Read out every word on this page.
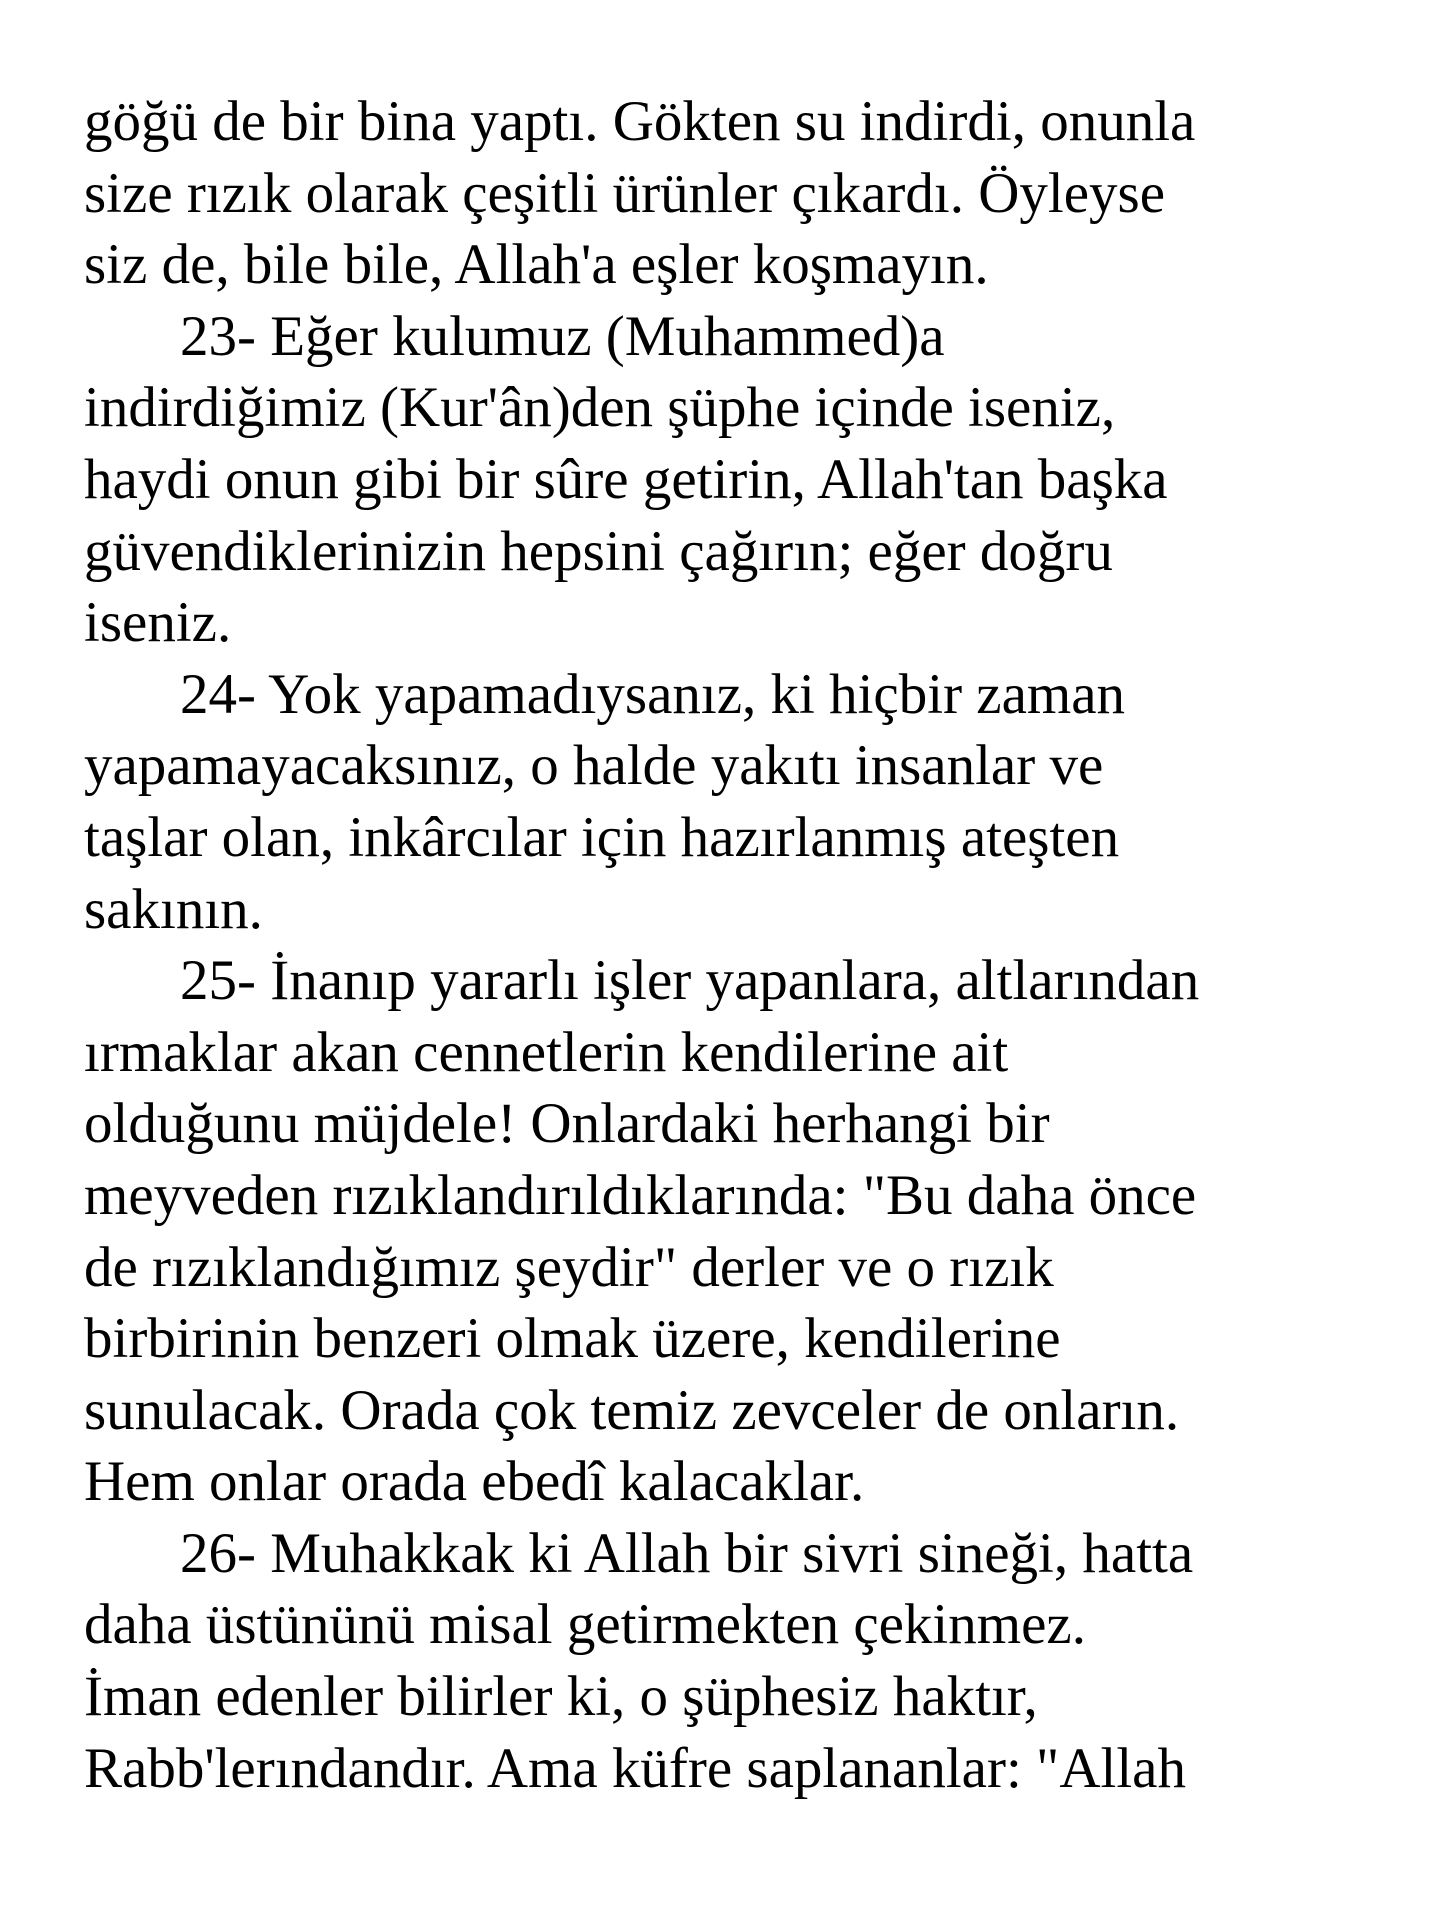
göğü de bir bina yaptı. Gökten su indirdi, onunla
size rızık olarak çeşitli ürünler çıkardı. Öyleyse
siz de, bile bile, Allah'a eşler koşmayın.
23- Eğer kulumuz (Muhammed)a
indirdiğimiz (Kur'ân)den şüphe içinde iseniz,
haydi onun gibi bir sûre getirin, Allah'tan başka
güvendiklerinizin hepsini çağırın; eğer doğru
iseniz.
24- Yok yapamadıysanız, ki hiçbir zaman
yapamayacaksınız, o halde yakıtı insanlar ve
taşlar olan, inkârcılar için hazırlanmış ateşten
sakının.
25- İnanıp yararlı işler yapanlara, altlarından
ırmaklar akan cennetlerin kendilerine ait
olduğunu müjdele! Onlardaki herhangi bir
meyveden rızıklandırıldıklarında: "Bu daha önce
de rızıklandığımız şeydir" derler ve o rızık
birbirinin benzeri olmak üzere, kendilerine
sunulacak. Orada çok temiz zevceler de onların.
Hem onlar orada ebedî kalacaklar.
26- Muhakkak ki Allah bir sivri sineği, hatta
daha üstününü misal getirmekten çekinmez.
İman edenler bilirler ki, o şüphesiz haktır,
Rabb'lerındandır. Ama küfre saplananlar: "Allah
